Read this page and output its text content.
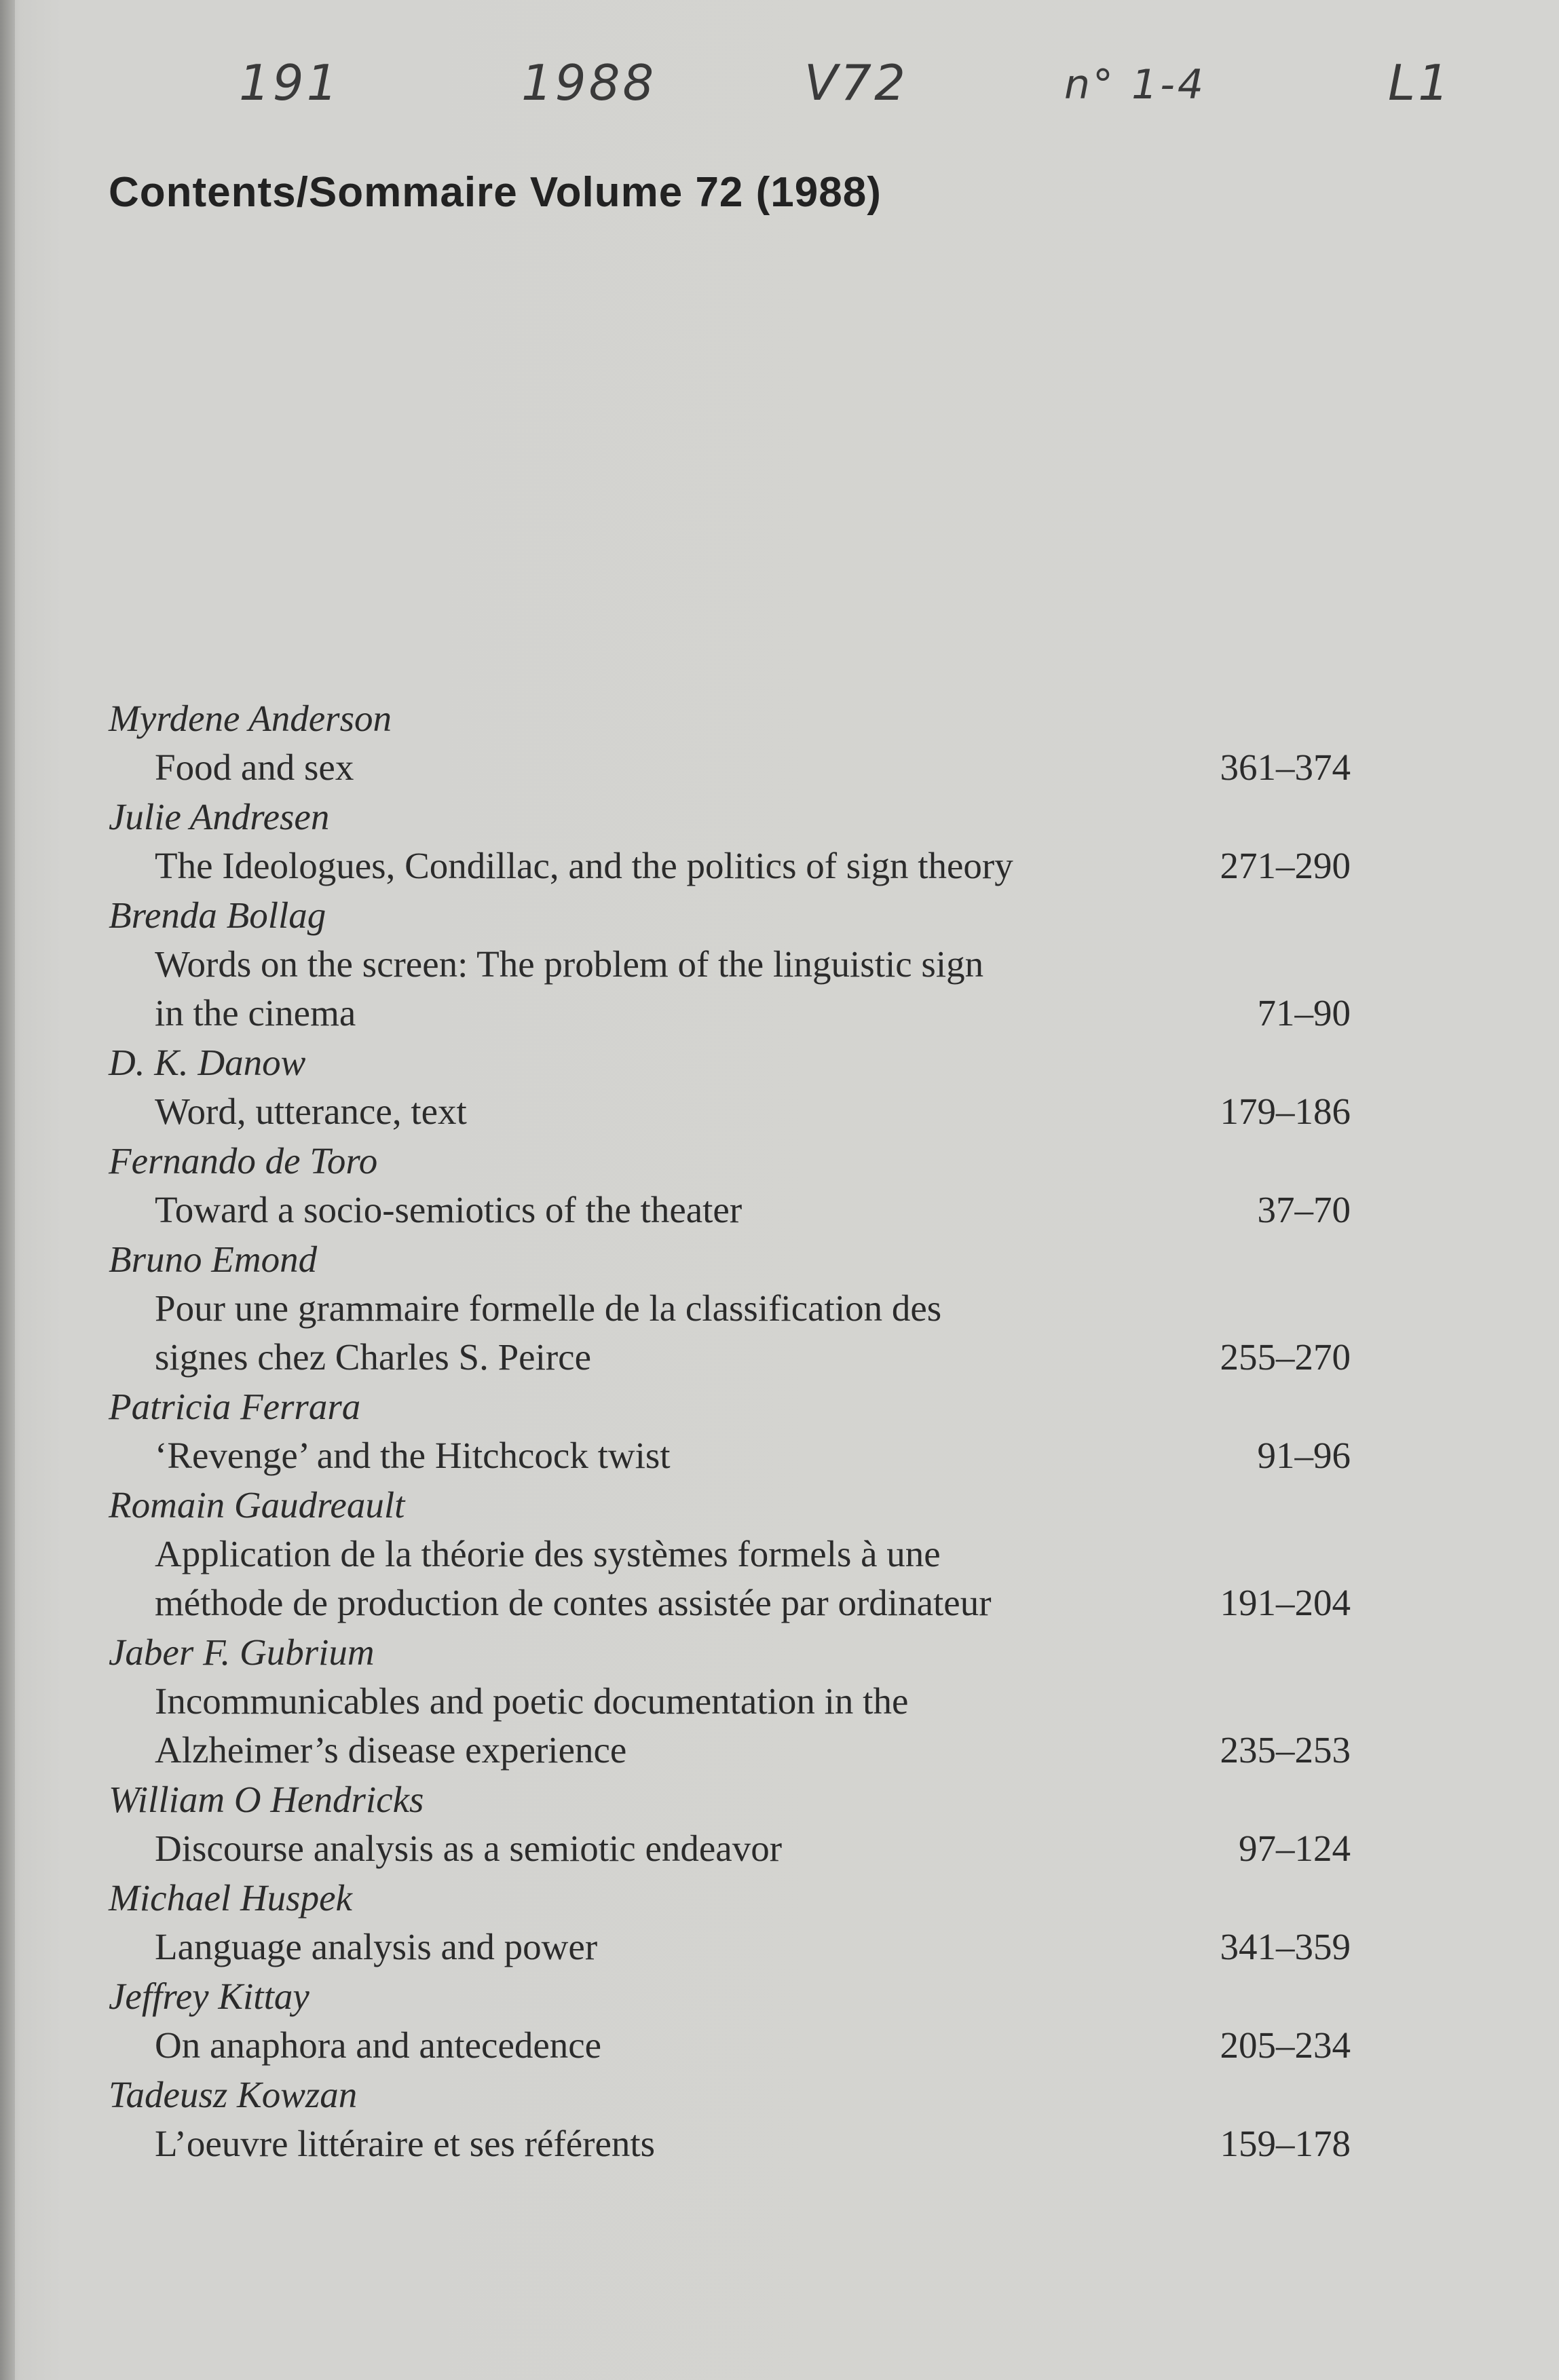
191	1988	V72	n° 1-4	L1
Contents/Sommaire Volume 72 (1988)
Myrdene Anderson
Food and sex	361–374
Julie Andresen
The Ideologues, Condillac, and the politics of sign theory	271–290
Brenda Bollag
Words on the screen: The problem of the linguistic sign
in the cinema	71–90
D. K. Danow
Word, utterance, text	179–186
Fernando de Toro
Toward a socio-semiotics of the theater	37–70
Bruno Emond
Pour une grammaire formelle de la classification des
signes chez Charles S. Peirce	255–270
Patricia Ferrara
‘Revenge’ and the Hitchcock twist	91–96
Romain Gaudreault
Application de la théorie des systèmes formels à une
méthode de production de contes assistée par ordinateur	191–204
Jaber F. Gubrium
Incommunicables and poetic documentation in the
Alzheimer’s disease experience	235–253
William O Hendricks
Discourse analysis as a semiotic endeavor	97–124
Michael Huspek
Language analysis and power	341–359
Jeffrey Kittay
On anaphora and antecedence	205–234
Tadeusz Kowzan
L’oeuvre littéraire et ses référents	159–178
